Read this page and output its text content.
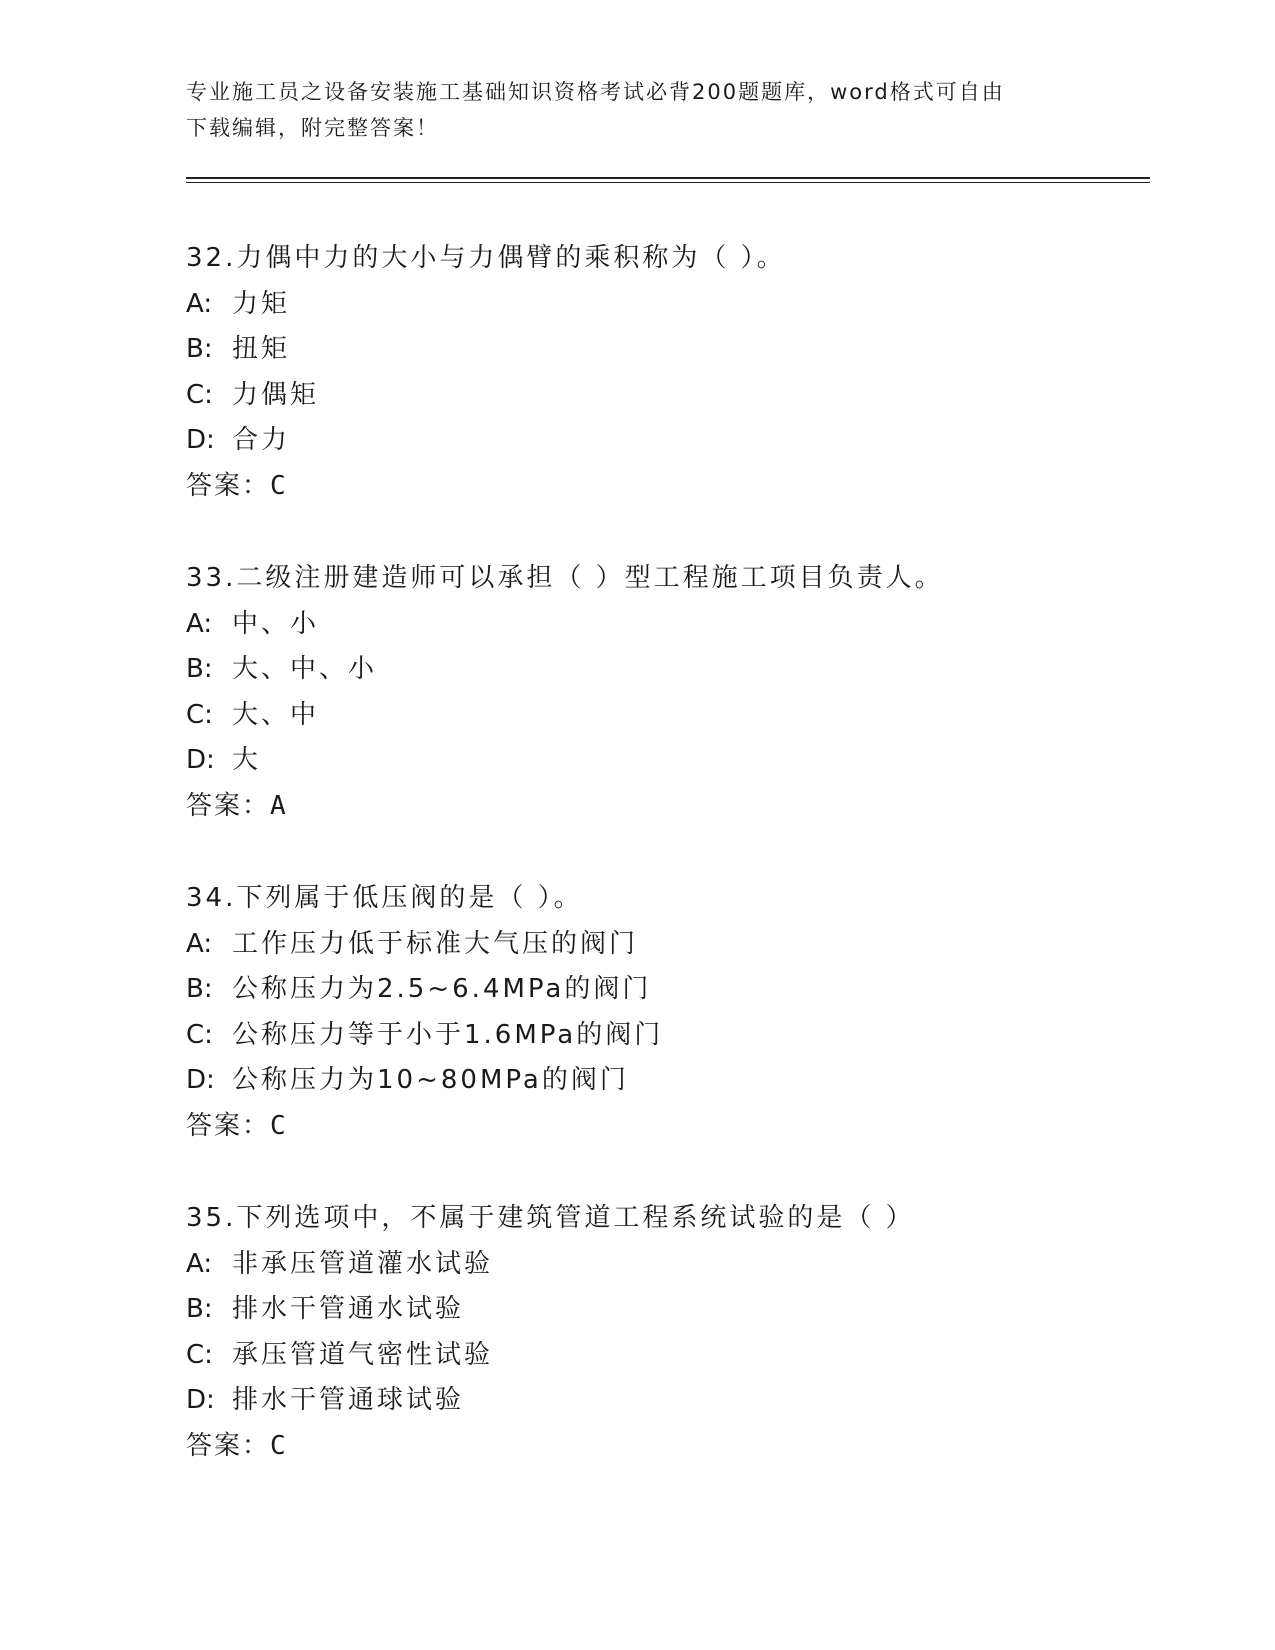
专业施工员之设备安装施工基础知识资格考试必背200题题库，word格式可自由
下载编辑，附完整答案！
32.力偶中力的大小与力偶臂的乘积称为（ ）。
A: 力矩
B: 扭矩
C: 力偶矩
D: 合力
答案：C
33.二级注册建造师可以承担（ ）型工程施工项目负责人。
A: 中、小
B: 大、中、小
C: 大、中
D: 大
答案：A
34.下列属于低压阀的是（ ）。
A: 工作压力低于标准大气压的阀门
B: 公称压力为2.5~6.4MPa的阀门
C: 公称压力等于小于1.6MPa的阀门
D: 公称压力为10~80MPa的阀门
答案：C
35.下列选项中，不属于建筑管道工程系统试验的是（ ）
A: 非承压管道灌水试验
B: 排水干管通水试验
C: 承压管道气密性试验
D: 排水干管通球试验
答案：C
